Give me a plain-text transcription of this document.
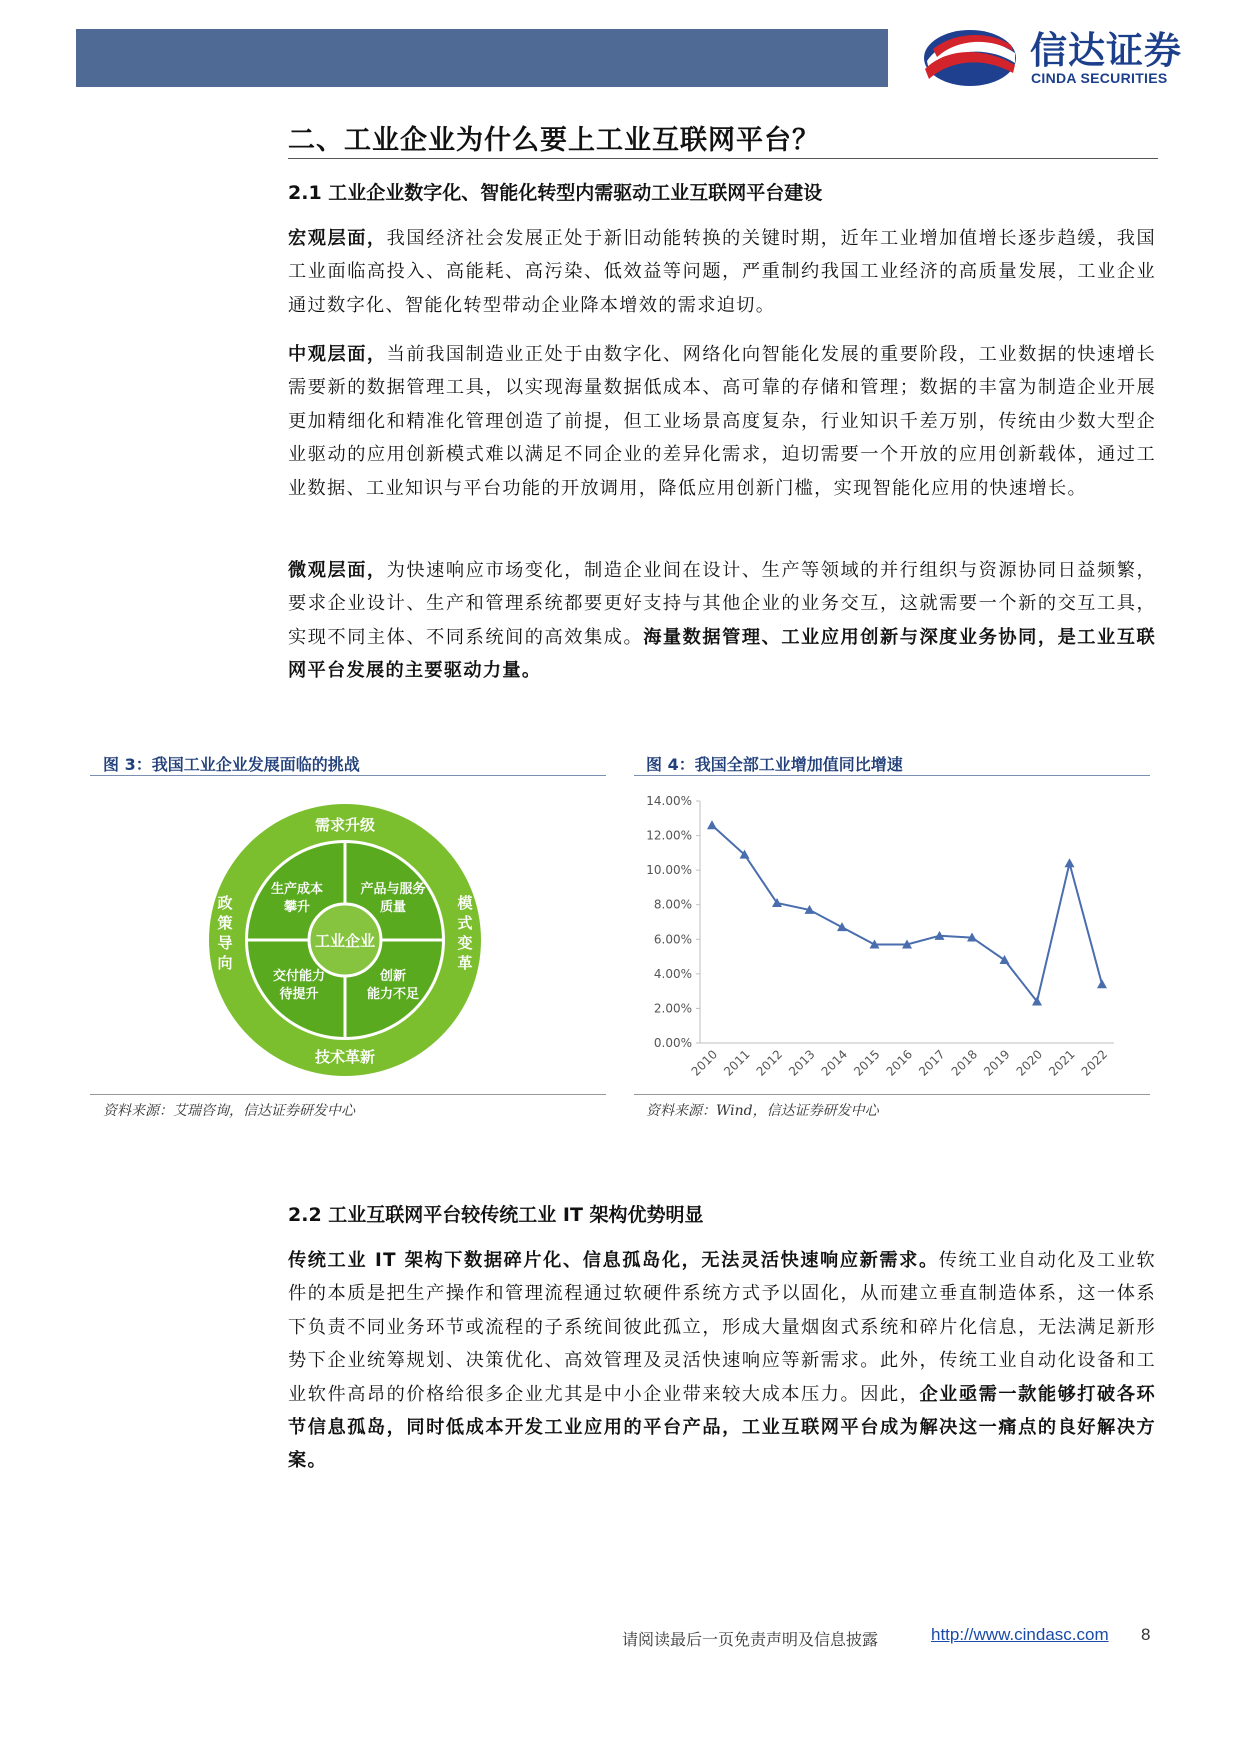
信达证券
CINDA SECURITIES
二、工业企业为什么要上工业互联网平台？
2.1 工业企业数字化、智能化转型内需驱动工业互联网平台建设

宏观层面，我国经济社会发展正处于新旧动能转换的关键时期，近年工业增加值增长逐步趋缓，我国工业面临高投入、高能耗、高污染、低效益等问题，严重制约我国工业经济的高质量发展，工业企业通过数字化、智能化转型带动企业降本增效的需求迫切。

中观层面，当前我国制造业正处于由数字化、网络化向智能化发展的重要阶段，工业数据的快速增长需要新的数据管理工具，以实现海量数据低成本、高可靠的存储和管理；数据的丰富为制造企业开展更加精细化和精准化管理创造了前提，但工业场景高度复杂，行业知识千差万别，传统由少数大型企业驱动的应用创新模式难以满足不同企业的差异化需求，迫切需要一个开放的应用创新载体，通过工业数据、工业知识与平台功能的开放调用，降低应用创新门槛，实现智能化应用的快速增长。

微观层面，为快速响应市场变化，制造企业间在设计、生产等领域的并行组织与资源协同日益频繁，要求企业设计、生产和管理系统都要更好支持与其他企业的业务交互，这就需要一个新的交互工具，实现不同主体、不同系统间的高效集成。海量数据管理、工业应用创新与深度业务协同，是工业互联网平台发展的主要驱动力量。

图 3：我国工业企业发展面临的挑战
工业企业
生产成本
攀升
产品与服务
质量
交付能力
待提升
创新
能力不足
需求升级
技术革新
政
策
导
向
模
式
变
革
资料来源：艾瑞咨询，信达证券研发中心
图 4：我国全部工业增加值同比增速
0.00%
2.00%
4.00%
6.00%
8.00%
10.00%
12.00%
14.00%
2010 2011 2012 2013 2014 2015 2016 2017 2018 2019 2020 2021 2022
资料来源：Wind，信达证券研发中心
2.2 工业互联网平台较传统工业 IT 架构优势明显

传统工业 IT 架构下数据碎片化、信息孤岛化，无法灵活快速响应新需求。传统工业自动化及工业软件的本质是把生产操作和管理流程通过软硬件系统方式予以固化，从而建立垂直制造体系，这一体系下负责不同业务环节或流程的子系统间彼此孤立，形成大量烟囱式系统和碎片化信息，无法满足新形势下企业统筹规划、决策优化、高效管理及灵活快速响应等新需求。此外，传统工业自动化设备和工业软件高昂的价格给很多企业尤其是中小企业带来较大成本压力。因此，企业亟需一款能够打破各环节信息孤岛，同时低成本开发工业应用的平台产品，工业互联网平台成为解决这一痛点的良好解决方案。

请阅读最后一页免责声明及信息披露	http://www.cindasc.com 8
